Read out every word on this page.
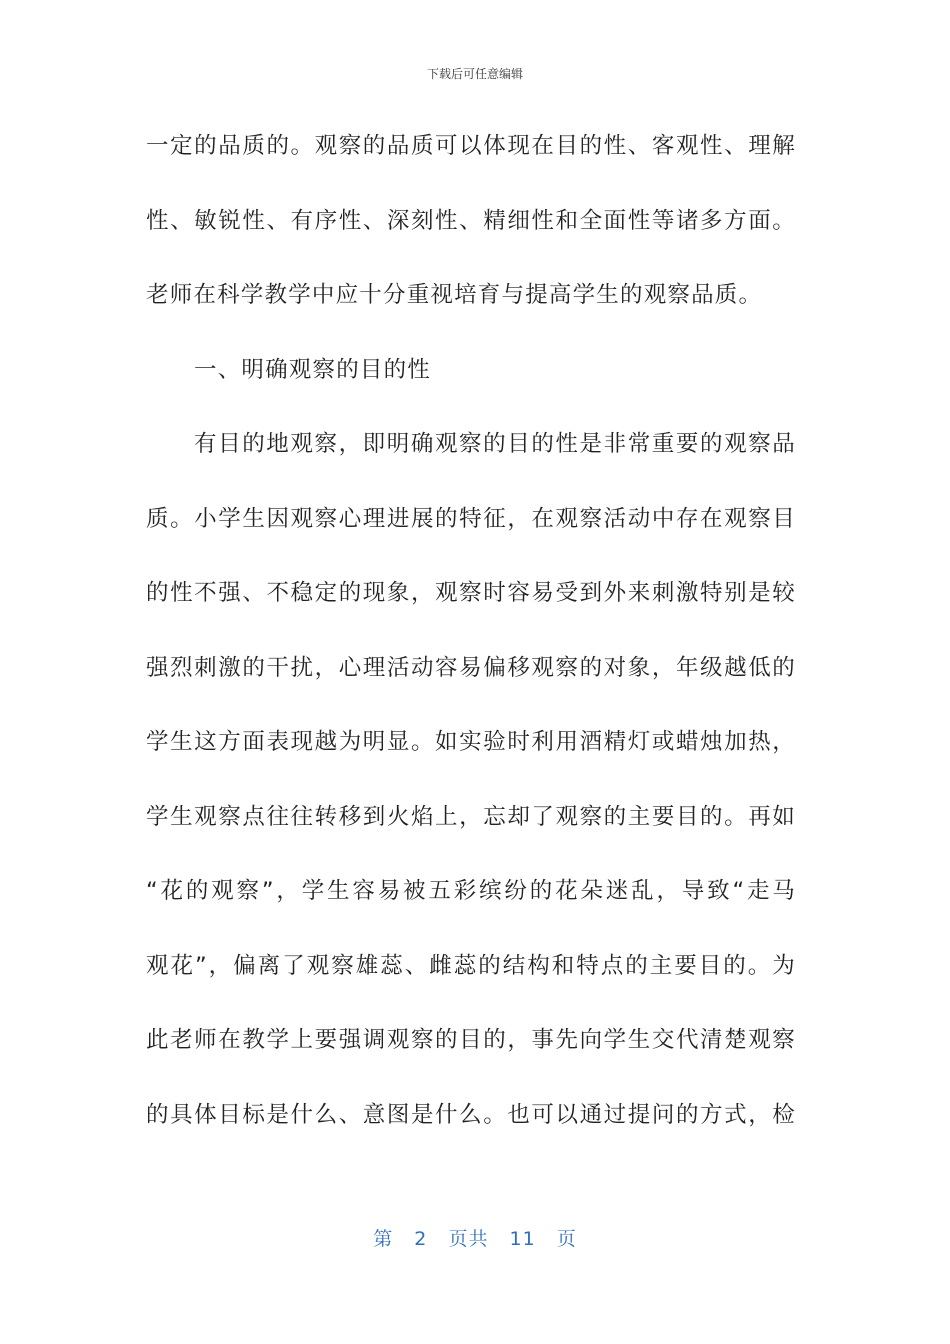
下载后可任意编辑
一定的品质的。观察的品质可以体现在目的性、客观性、理解
性、敏锐性、有序性、深刻性、精细性和全面性等诸多方面。
老师在科学教学中应十分重视培育与提高学生的观察品质。
一、明确观察的目的性
有目的地观察，即明确观察的目的性是非常重要的观察品
质。小学生因观察心理进展的特征，在观察活动中存在观察目
的性不强、不稳定的现象，观察时容易受到外来刺激特别是较
强烈刺激的干扰，心理活动容易偏移观察的对象，年级越低的
学生这方面表现越为明显。如实验时利用酒精灯或蜡烛加热，
学生观察点往往转移到火焰上，忘却了观察的主要目的。再如
“花的观察”，学生容易被五彩缤纷的花朵迷乱，导致“走马
观花”，偏离了观察雄蕊、雌蕊的结构和特点的主要目的。为
此老师在教学上要强调观察的目的，事先向学生交代清楚观察
的具体目标是什么、意图是什么。也可以通过提问的方式，检
第 2 页共 11 页
